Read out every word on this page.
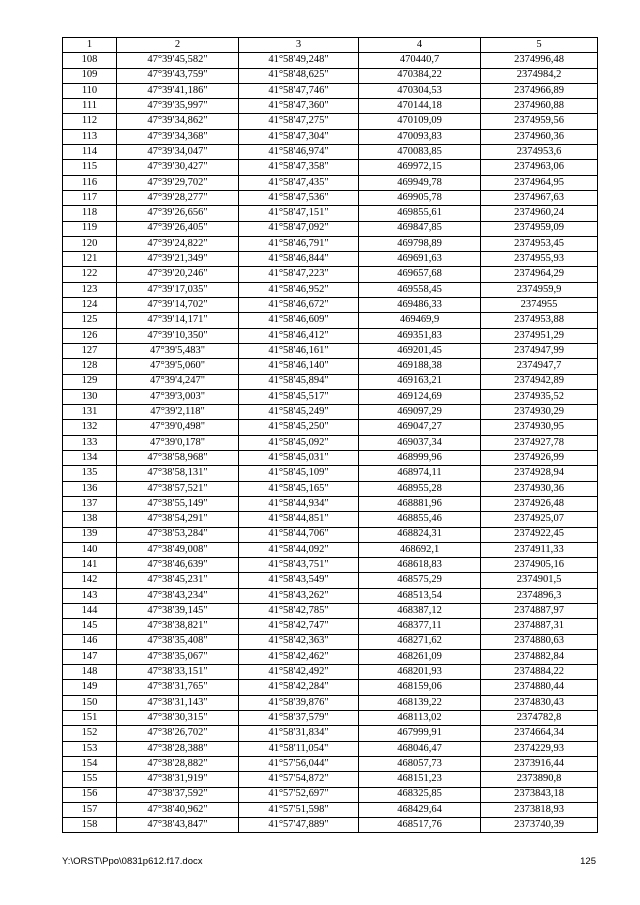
1	2	3	4	5
108	47°39'45,582"	41°58'49,248"	470440,7	2374996,48
109	47°39'43,759"	41°58'48,625"	470384,22	2374984,2
110	47°39'41,186"	41°58'47,746"	470304,53	2374966,89
111	47°39'35,997"	41°58'47,360"	470144,18	2374960,88
112	47°39'34,862"	41°58'47,275"	470109,09	2374959,56
113	47°39'34,368"	41°58'47,304"	470093,83	2374960,36
114	47°39'34,047"	41°58'46,974"	470083,85	2374953,6
115	47°39'30,427"	41°58'47,358"	469972,15	2374963,06
116	47°39'29,702"	41°58'47,435"	469949,78	2374964,95
117	47°39'28,277"	41°58'47,536"	469905,78	2374967,63
118	47°39'26,656"	41°58'47,151"	469855,61	2374960,24
119	47°39'26,405"	41°58'47,092"	469847,85	2374959,09
120	47°39'24,822"	41°58'46,791"	469798,89	2374953,45
121	47°39'21,349"	41°58'46,844"	469691,63	2374955,93
122	47°39'20,246"	41°58'47,223"	469657,68	2374964,29
123	47°39'17,035"	41°58'46,952"	469558,45	2374959,9
124	47°39'14,702"	41°58'46,672"	469486,33	2374955
125	47°39'14,171"	41°58'46,609"	469469,9	2374953,88
126	47°39'10,350"	41°58'46,412"	469351,83	2374951,29
127	47°39'5,483"	41°58'46,161"	469201,45	2374947,99
128	47°39'5,060"	41°58'46,140"	469188,38	2374947,7
129	47°39'4,247"	41°58'45,894"	469163,21	2374942,89
130	47°39'3,003"	41°58'45,517"	469124,69	2374935,52
131	47°39'2,118"	41°58'45,249"	469097,29	2374930,29
132	47°39'0,498"	41°58'45,250"	469047,27	2374930,95
133	47°39'0,178"	41°58'45,092"	469037,34	2374927,78
134	47°38'58,968"	41°58'45,031"	468999,96	2374926,99
135	47°38'58,131"	41°58'45,109"	468974,11	2374928,94
136	47°38'57,521"	41°58'45,165"	468955,28	2374930,36
137	47°38'55,149"	41°58'44,934"	468881,96	2374926,48
138	47°38'54,291"	41°58'44,851"	468855,46	2374925,07
139	47°38'53,284"	41°58'44,706"	468824,31	2374922,45
140	47°38'49,008"	41°58'44,092"	468692,1	2374911,33
141	47°38'46,639"	41°58'43,751"	468618,83	2374905,16
142	47°38'45,231"	41°58'43,549"	468575,29	2374901,5
143	47°38'43,234"	41°58'43,262"	468513,54	2374896,3
144	47°38'39,145"	41°58'42,785"	468387,12	2374887,97
145	47°38'38,821"	41°58'42,747"	468377,11	2374887,31
146	47°38'35,408"	41°58'42,363"	468271,62	2374880,63
147	47°38'35,067"	41°58'42,462"	468261,09	2374882,84
148	47°38'33,151"	41°58'42,492"	468201,93	2374884,22
149	47°38'31,765"	41°58'42,284"	468159,06	2374880,44
150	47°38'31,143"	41°58'39,876"	468139,22	2374830,43
151	47°38'30,315"	41°58'37,579"	468113,02	2374782,8
152	47°38'26,702"	41°58'31,834"	467999,91	2374664,34
153	47°38'28,388"	41°58'11,054"	468046,47	2374229,93
154	47°38'28,882"	41°57'56,044"	468057,73	2373916,44
155	47°38'31,919"	41°57'54,872"	468151,23	2373890,8
156	47°38'37,592"	41°57'52,697"	468325,85	2373843,18
157	47°38'40,962"	41°57'51,598"	468429,64	2373818,93
158	47°38'43,847"	41°57'47,889"	468517,76	2373740,39
Y:\ORST\Ppo\0831p612.f17.docx	125
